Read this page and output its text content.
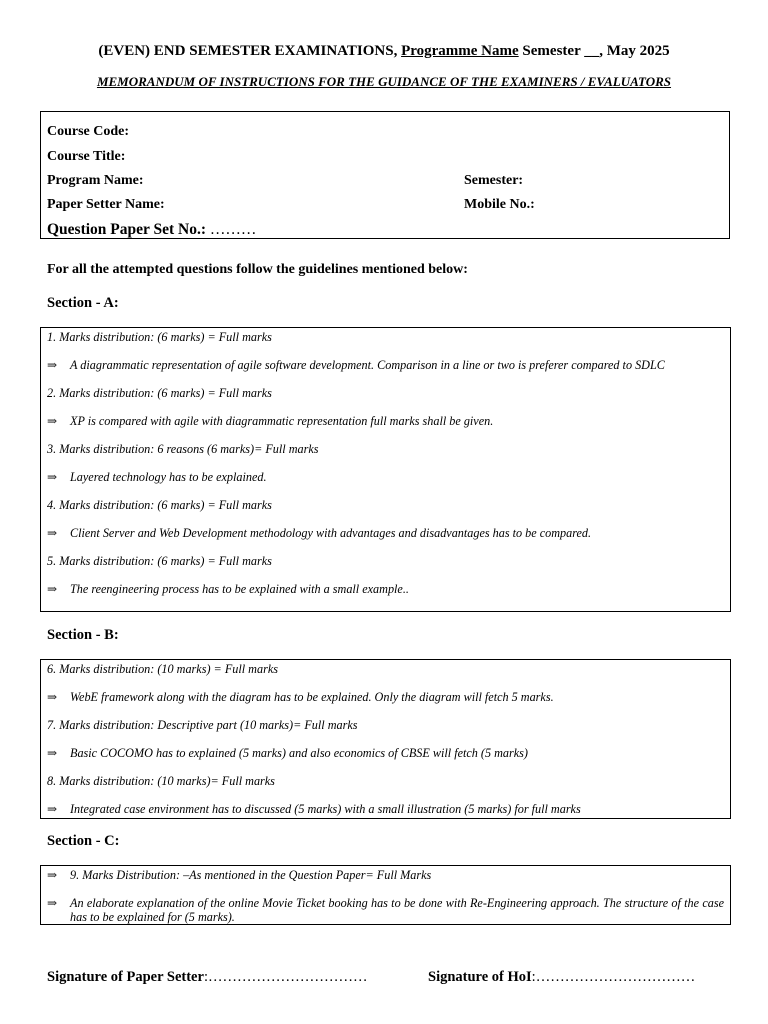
(EVEN) END SEMESTER EXAMINATIONS, Programme Name Semester __, May 2025
MEMORANDUM OF INSTRUCTIONS FOR THE GUIDANCE OF THE EXAMINERS / EVALUATORS
Course Code:
Course Title:
Program Name:	Semester:
Paper Setter Name:	Mobile No.:
Question Paper Set No.: ………
For all the attempted questions follow the guidelines mentioned below:
Section - A:
1. Marks distribution: (6 marks) = Full marks
⇒ A diagrammatic representation of agile software development. Comparison in a line or two is preferer compared to SDLC
2. Marks distribution: (6 marks) = Full marks
⇒ XP is compared with agile with diagrammatic representation full marks shall be given.
3. Marks distribution: 6 reasons (6 marks)= Full marks
⇒ Layered technology has to be explained.
4. Marks distribution: (6 marks) = Full marks
⇒ Client Server and Web Development methodology with advantages and disadvantages has to be compared.
5. Marks distribution: (6 marks) = Full marks
⇒ The reengineering process has to be explained with a small example..
Section - B:
6. Marks distribution: (10 marks) = Full marks
⇒ WebE framework along with the diagram has to be explained. Only the diagram will fetch 5 marks.
7. Marks distribution: Descriptive part (10 marks)= Full marks
⇒ Basic COCOMO has to explained (5 marks) and also economics of CBSE will fetch (5 marks)
8. Marks distribution: (10 marks)= Full marks
⇒ Integrated case environment has to discussed (5 marks) with a small illustration (5 marks) for full marks
Section - C:
⇒ 9. Marks Distribution: –As mentioned in the Question Paper= Full Marks
⇒ An elaborate explanation of the online Movie Ticket booking has to be done with Re-Engineering approach. The structure of the case has to be explained for (5 marks).
Signature of Paper Setter:……………………………	Signature of HoI:……………………………
